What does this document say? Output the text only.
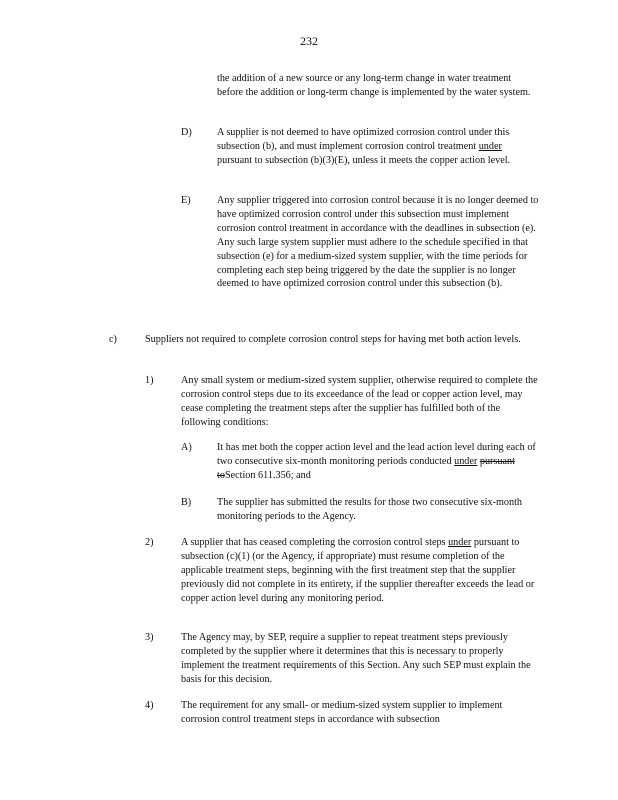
232
the addition of a new source or any long-term change in water treatment before the addition or long-term change is implemented by the water system.
D) A supplier is not deemed to have optimized corrosion control under this subsection (b), and must implement corrosion control treatment under pursuant to subsection (b)(3)(E), unless it meets the copper action level.
E)	Any supplier triggered into corrosion control because it is no longer deemed to have optimized corrosion control under this subsection must implement corrosion control treatment in accordance with the deadlines in subsection (e). Any such large system supplier must adhere to the schedule specified in that subsection (e) for a medium-sized system supplier, with the time periods for completing each step being triggered by the date the supplier is no longer deemed to have optimized corrosion control under this subsection (b).
c)	Suppliers not required to complete corrosion control steps for having met both action levels.
1)	Any small system or medium-sized system supplier, otherwise required to complete the corrosion control steps due to its exceedance of the lead or copper action level, may cease completing the treatment steps after the supplier has fulfilled both of the following conditions:
A) It has met both the copper action level and the lead action level during each of two consecutive six-month monitoring periods conducted under pursuant toSection 611.356; and
B)	The supplier has submitted the results for those two consecutive six-month monitoring periods to the Agency.
2)	A supplier that has ceased completing the corrosion control steps under pursuant to subsection (c)(1) (or the Agency, if appropriate) must resume completion of the applicable treatment steps, beginning with the first treatment step that the supplier previously did not complete in its entirety, if the supplier thereafter exceeds the lead or copper action level during any monitoring period.
3)	The Agency may, by SEP, require a supplier to repeat treatment steps previously completed by the supplier where it determines that this is necessary to properly implement the treatment requirements of this Section. Any such SEP must explain the basis for this decision.
4)	The requirement for any small- or medium-sized system supplier to implement corrosion control treatment steps in accordance with subsection
